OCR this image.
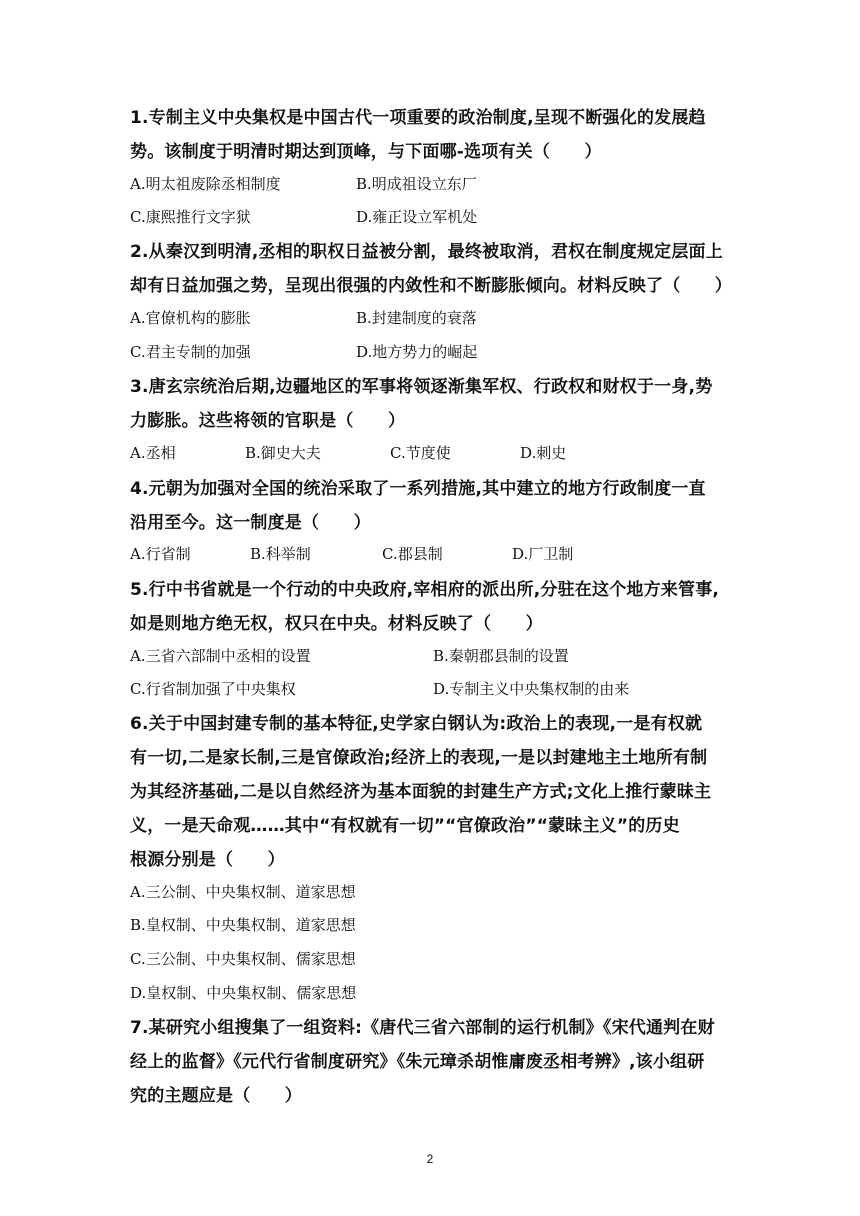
1.专制主义中央集权是中国古代一项重要的政治制度,呈现不断强化的发展趋
势。该制度于明清时期达到顶峰，与下面哪-选项有关（　　）
A.明太祖废除丞相制度	B.明成祖设立东厂
C.康熙推行文字狱	D.雍正设立军机处
2.从秦汉到明清,丞相的职权日益被分割，最终被取消，君权在制度规定层面上
却有日益加强之势，呈现出很强的内敛性和不断膨胀倾向。材料反映了（　　）
A.官僚机构的膨胀	B.封建制度的衰落
C.君主专制的加强	D.地方势力的崛起
3.唐玄宗统治后期,边疆地区的军事将领逐渐集军权、行政权和财权于一身,势
力膨胀。这些将领的官职是（　　）
A.丞相	B.御史大夫	C.节度使	D.刺史
4.元朝为加强对全国的统治采取了一系列措施,其中建立的地方行政制度一直
沿用至今。这一制度是（　　）
A.行省制	B.科举制	C.郡县制	D.厂卫制
5.行中书省就是一个行动的中央政府,宰相府的派出所,分驻在这个地方来管事,
如是则地方绝无权，权只在中央。材料反映了（　　）
A.三省六部制中丞相的设置	B.秦朝郡县制的设置
C.行省制加强了中央集权	D.专制主义中央集权制的由来
6.关于中国封建专制的基本特征,史学家白钢认为:政治上的表现,一是有权就
有一切,二是家长制,三是官僚政治;经济上的表现,一是以封建地主土地所有制
为其经济基础,二是以自然经济为基本面貌的封建生产方式;文化上推行蒙昧主
义，一是天命观……其中“有权就有一切”“官僚政治”“蒙昧主义”的历史
根源分别是（　　）
A.三公制、中央集权制、道家思想
B.皇权制、中央集权制、道家思想
C.三公制、中央集权制、儒家思想
D.皇权制、中央集权制、儒家思想
7.某研究小组搜集了一组资料:《唐代三省六部制的运行机制》《宋代通判在财
经上的监督》《元代行省制度研究》《朱元璋杀胡惟庸废丞相考辨》,该小组研
究的主题应是（　　）
2
